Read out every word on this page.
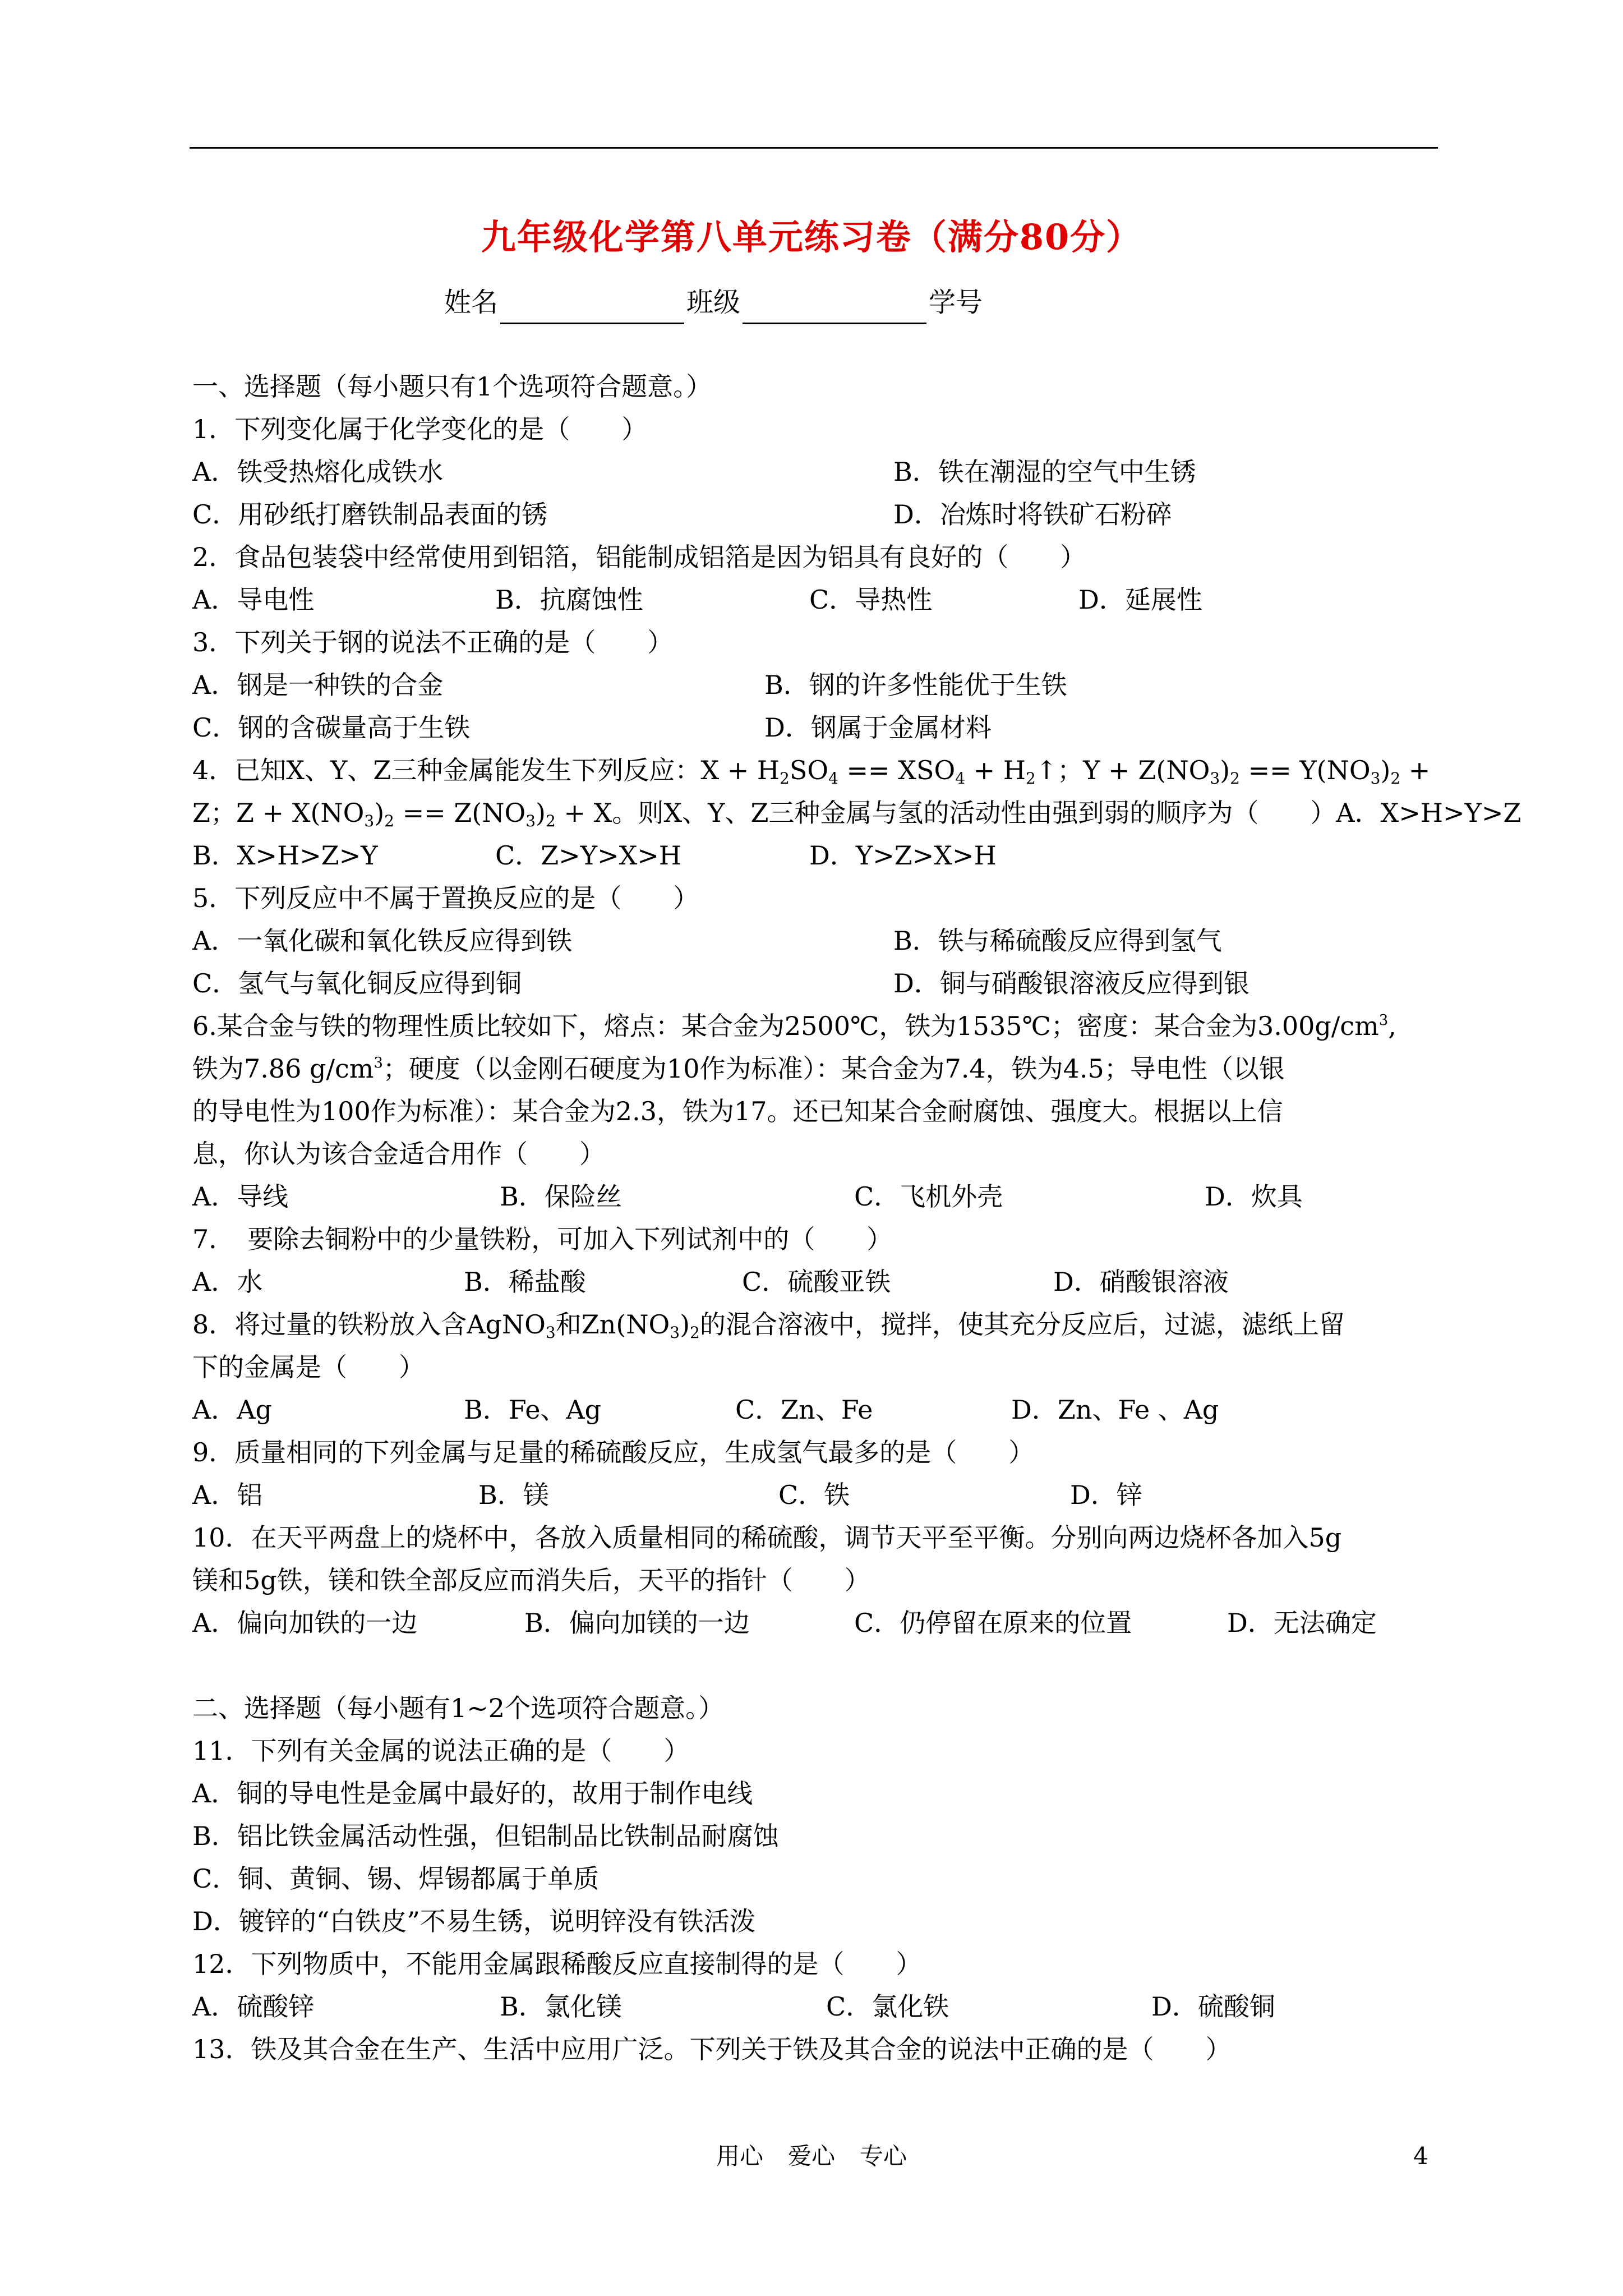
九年级化学第八单元练习卷（满分80分）
姓名	班级	学号
一、选择题（每小题只有1个选项符合题意。）
1．下列变化属于化学变化的是（　　）
A．铁受热熔化成铁水	B．铁在潮湿的空气中生锈
C．用砂纸打磨铁制品表面的锈	D．冶炼时将铁矿石粉碎
2．食品包装袋中经常使用到铝箔，铝能制成铝箔是因为铝具有良好的（　　）
A．导电性	B．抗腐蚀性	C．导热性	D．延展性
3．下列关于钢的说法不正确的是（　　）
A．钢是一种铁的合金	B．钢的许多性能优于生铁
C．钢的含碳量高于生铁	D．钢属于金属材料
4．已知X、Y、Z三种金属能发生下列反应：$X + H_2SO_4 == XSO_4$ + $H_2↑$；$Y + Z(NO_3)_2 == Y(NO_3)_2$ +
Z；$Z + X(NO_3)_2 == Z(NO_3)_2 + X$。则X、Y、Z三种金属与氢的活动性由强到弱的顺序为（　　）A．X>H>Y>Z
B．X>H>Z>Y	C．Z>Y>X>H	D．Y>Z>X>H
5．下列反应中不属于置换反应的是（　　）
A．一氧化碳和氧化铁反应得到铁	B．铁与稀硫酸反应得到氢气
C．氢气与氧化铜反应得到铜	D．铜与硝酸银溶液反应得到银
6.某合金与铁的物理性质比较如下，熔点：某合金为2500℃，铁为1535℃；密度：某合金为$3.00g/cm^3$,
铁为7.86 $g/cm^3$；硬度（以金刚石硬度为10作为标准）：某合金为7.4，铁为4.5；导电性（以银
的导电性为100作为标准）：某合金为2.3，铁为17。还已知某合金耐腐蚀、强度大。根据以上信
息，你认为该合金适合用作（　　）
A．导线	B．保险丝	C．飞机外壳	D．炊具
7．　要除去铜粉中的少量铁粉，可加入下列试剂中的（　　）
A．水	B．稀盐酸	C．硫酸亚铁	D．硝酸银溶液
8．将过量的铁粉放入含AgNO$_3$和$Zn(NO_3)_2$的混合溶液中，搅拌，使其充分反应后，过滤，滤纸上留
下的金属是（　　）
A．Ag	B．Fe、Ag	C．Zn、Fe	D．Zn、Fe 、Ag
9．质量相同的下列金属与足量的稀硫酸反应，生成氢气最多的是（　　）
A．铝	B．镁	C．铁	D．锌
10．在天平两盘上的烧杯中，各放入质量相同的稀硫酸，调节天平至平衡。分别向两边烧杯各加入5g
镁和5g铁，镁和铁全部反应而消失后，天平的指针（　　）
A．偏向加铁的一边	B．偏向加镁的一边	C．仍停留在原来的位置	D．无法确定
二、选择题（每小题有1~2个选项符合题意。）
11．下列有关金属的说法正确的是（　　）
A．铜的导电性是金属中最好的，故用于制作电线
B．铝比铁金属活动性强，但铝制品比铁制品耐腐蚀
C．铜、黄铜、锡、焊锡都属于单质
D．镀锌的“白铁皮”不易生锈，说明锌没有铁活泼
12．下列物质中，不能用金属跟稀酸反应直接制得的是（　　）
A．硫酸锌	B．氯化镁	C．氯化铁	D．硫酸铜
13．铁及其合金在生产、生活中应用广泛。下列关于铁及其合金的说法中正确的是（　　）
用心 爱心 专心	4
